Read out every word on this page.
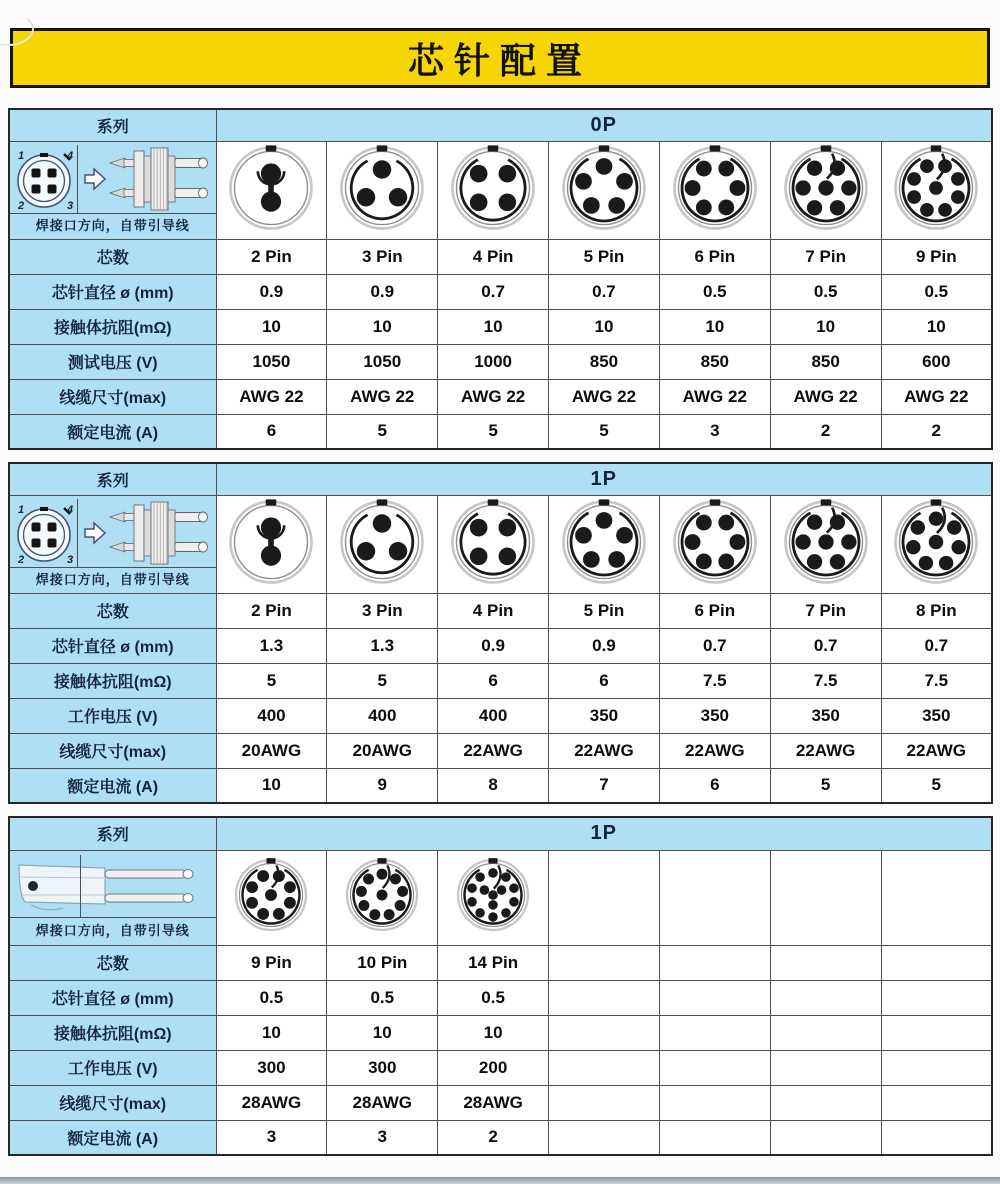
芯针配置
系列	0P						

1 4
2 3
焊接口方向，自带引导线

芯数	2 Pin	3 Pin	4 Pin	5 Pin	6 Pin	7 Pin	9 Pin
芯针直径 ø (mm)	0.9	0.9	0.7	0.7	0.5	0.5	0.5
接触体抗阻(mΩ)	10	10	10	10	10	10	10
测试电压 (V)	1050	1050	1000	850	850	850	600
线缆尺寸(max)	AWG 22	AWG 22	AWG 22	AWG 22	AWG 22	AWG 22	AWG 22
额定电流 (A)	6	5	5	5	3	2	2
系列	1P						

1 4
2 3
焊接口方向，自带引导线

芯数	2 Pin	3 Pin	4 Pin	5 Pin	6 Pin	7 Pin	8 Pin
芯针直径 ø (mm)	1.3	1.3	0.9	0.9	0.7	0.7	0.7
接触体抗阻(mΩ)	5	5	6	6	7.5	7.5	7.5
工作电压 (V)	400	400	400	350	350	350	350
线缆尺寸(max)	20AWG	20AWG	22AWG	22AWG	22AWG	22AWG	22AWG
额定电流 (A)	10	9	8	7	6	5	5
系列	1P						

焊接口方向，自带引导线

芯数	9 Pin	10 Pin	14 Pin				
芯针直径 ø (mm)	0.5	0.5	0.5				
接触体抗阻(mΩ)	10	10	10				
工作电压 (V)	300	300	200				
线缆尺寸(max)	28AWG	28AWG	28AWG				
额定电流 (A)	3	3	2				
